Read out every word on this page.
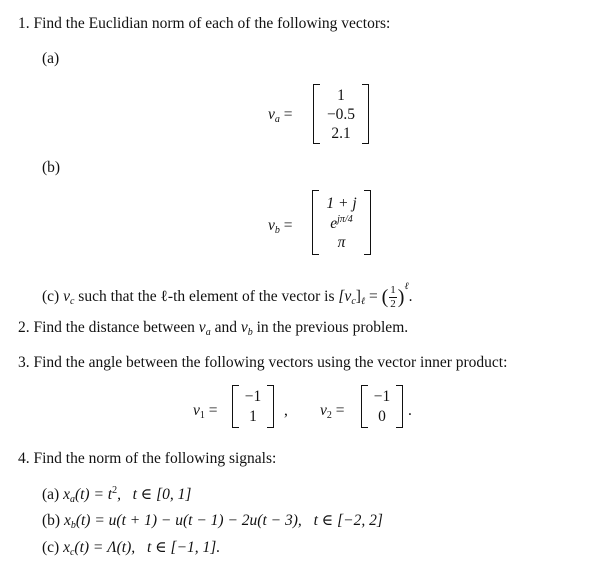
1. Find the Euclidian norm of each of the following vectors:
(a)
$v_a$ =
1
−0.5
2.1
(b)
$v_b$ =
1 + j
$e^{j\pi/4}$
π
(c) $v_c$ such that the ℓ-th element of the vector is $[v_c]_\ell$ = ( $\frac{1}{2} )^\ell$.
2. Find the distance between $v_a$ and $v_b$ in the previous problem.
3. Find the angle between the following vectors using the vector inner product:
$v_1$ =
−1
1	, $v_2$ =
−1
0	.
4. Find the norm of the following signals:
(a) $x_a(t) = t^2$,   t ∈ [0, 1]
(b) $x_b(t) = u(t + 1) - u(t - 1) - 2u(t - 3)$, t ∈ [−2, 2]
(c) $x_c(t) = \Lambda(t)$, t ∈ [−1, 1].
